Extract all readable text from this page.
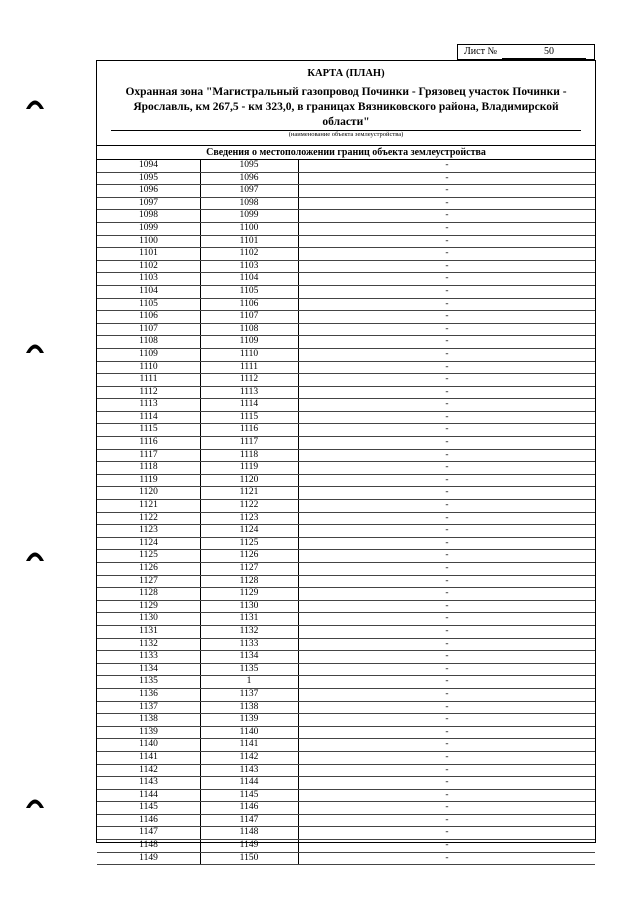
Лист №	50
КАРТА (ПЛАН)
Охранная зона "Магистральный газопровод Починки - Грязовец участок Починки - Ярославль, км 267,5 - км 323,0, в границах Вязниковского района, Владимирской области"
(наименование объекта землеустройства)
Сведения о местоположении границ объекта землеустройства
1094	1095	-
1095	1096	-
1096	1097	-
1097	1098	-
1098	1099	-
1099	1100	-
1100	1101	-
1101	1102	-
1102	1103	-
1103	1104	-
1104	1105	-
1105	1106	-
1106	1107	-
1107	1108	-
1108	1109	-
1109	1110	-
1110	1111	-
1111	1112	-
1112	1113	-
1113	1114	-
1114	1115	-
1115	1116	-
1116	1117	-
1117	1118	-
1118	1119	-
1119	1120	-
1120	1121	-
1121	1122	-
1122	1123	-
1123	1124	-
1124	1125	-
1125	1126	-
1126	1127	-
1127	1128	-
1128	1129	-
1129	1130	-
1130	1131	-
1131	1132	-
1132	1133	-
1133	1134	-
1134	1135	-
1135	1	-
1136	1137	-
1137	1138	-
1138	1139	-
1139	1140	-
1140	1141	-
1141	1142	-
1142	1143	-
1143	1144	-
1144	1145	-
1145	1146	-
1146	1147	-
1147	1148	-
1148	1149	-
1149	1150	-
